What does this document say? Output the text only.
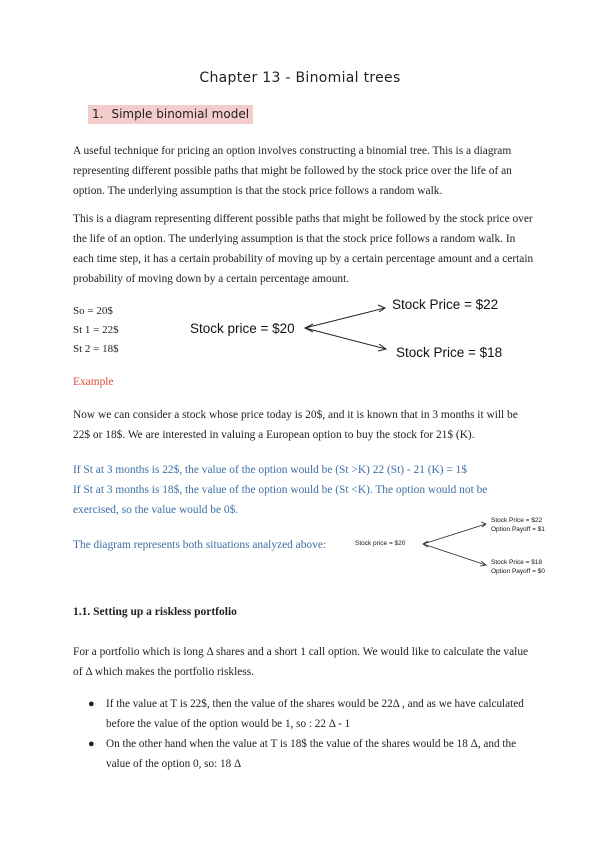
Chapter 13 - Binomial trees
1. Simple binomial model
A useful technique for pricing an option involves constructing a binomial tree. This is a diagram representing different possible paths that might be followed by the stock price over the life of an option. The underlying assumption is that the stock price follows a random walk.
This is a diagram representing different possible paths that might be followed by the stock price over the life of an option. The underlying assumption is that the stock price follows a random walk. In each time step, it has a certain probability of moving up by a certain percentage amount and a certain probability of moving down by a certain percentage amount.
So = 20$
St 1 = 22$
St 2 = 18$
Stock price = $20
Stock Price = $22
Stock Price = $18
Example
Now we can consider a stock whose price today is 20$, and it is known that in 3 months it will be 22$ or 18$. We are interested in valuing a European option to buy the stock for 21$ (K).
If St at 3 months is 22$, the value of the option would be (St >K) 22 (St) - 21 (K) = 1$
If St at 3 months is 18$, the value of the option would be (St <K). The option would not be exercised, so the value would be 0$.
The diagram represents both situations analyzed above:	Stock price = $20
Stock Price = $22
Option Payoff = $1
Stock Price = $18
Option Payoff = $0
1.1. Setting up a riskless portfolio
For a portfolio which is long Δ shares and a short 1 call option. We would like to calculate the value of Δ which makes the portfolio riskless.
● If the value at T is 22$, then the value of the shares would be 22Δ , and as we have calculated before the value of the option would be 1, so : 22 Δ - 1
● On the other hand when the value at T is 18$ the value of the shares would be 18 Δ, and the value of the option 0, so: 18 Δ
